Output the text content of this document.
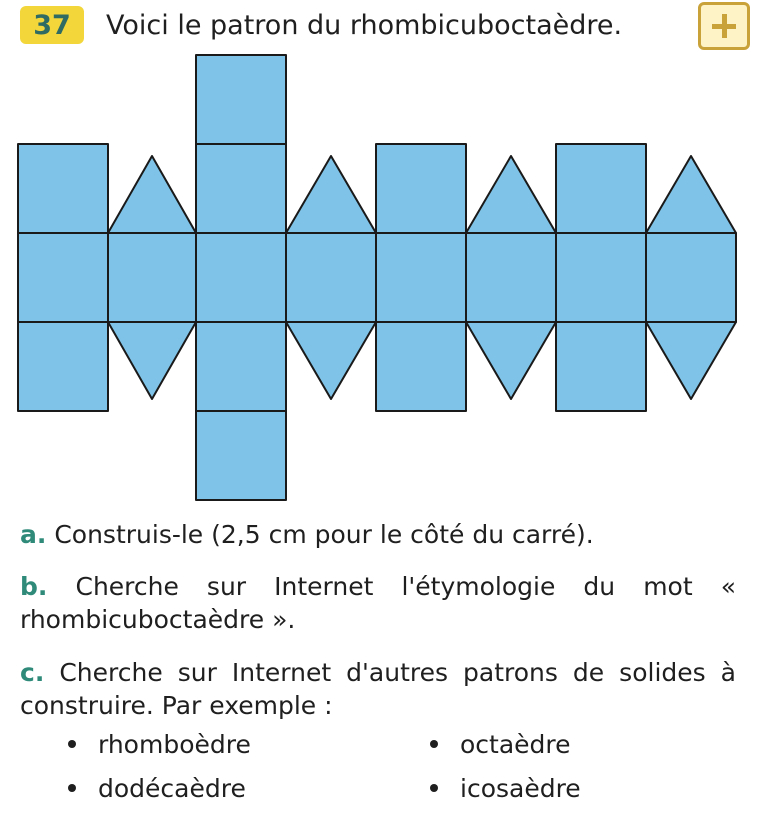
37 Voici le patron du rhombicuboctaèdre.

a. Construis-le (2,5 cm pour le côté du carré).

b. Cherche sur Internet l'étymologie du mot « rhombicuboctaèdre ».

c. Cherche sur Internet d'autres patrons de solides à construire. Par exemple :

rhomboèdre	octaèdre
dodécaèdre	icosaèdre
